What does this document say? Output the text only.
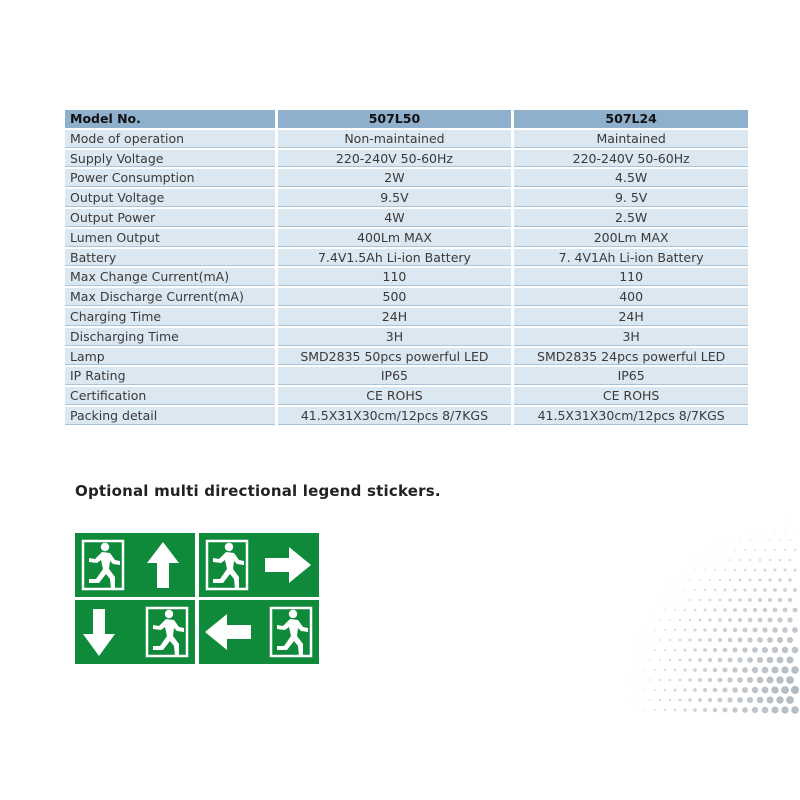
Model No.	507L50	507L24
Mode of operation	Non-maintained	Maintained
Supply Voltage	220-240V 50-60Hz	220-240V 50-60Hz
Power Consumption	2W	4.5W
Output Voltage	9.5V	9. 5V
Output Power	4W	2.5W
Lumen Output	400Lm MAX	200Lm MAX
Battery	7.4V1.5Ah Li-ion Battery	7. 4V1Ah Li-ion Battery
Max Change Current(mA)	110	110
Max Discharge Current(mA)	500	400
Charging Time	24H	24H
Discharging Time	3H	3H
Lamp	SMD2835 50pcs powerful LED	SMD2835 24pcs powerful LED
IP Rating	IP65	IP65
Certification	CE ROHS	CE ROHS
Packing detail	41.5X31X30cm/12pcs 8/7KGS	41.5X31X30cm/12pcs 8/7KGS
Optional multi directional legend stickers.
